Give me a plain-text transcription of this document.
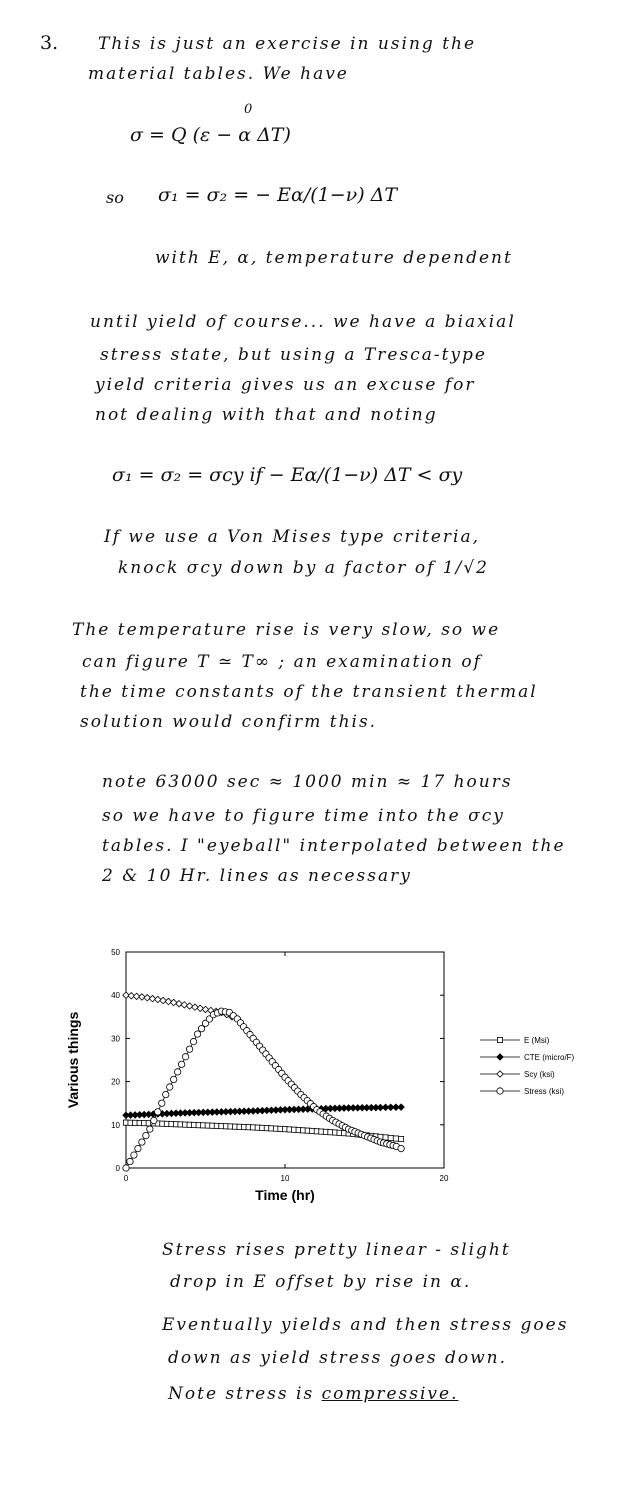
3. This is just an exercise in using the
material tables. We have
σ = Q (ε − α ΔT)
0
so σ₁ = σ₂ = − Eα/(1−ν) ΔT
with E, α, temperature dependent
until yield of course... we have a biaxial
stress state, but using a Tresca-type
yield criteria gives us an excuse for
not dealing with that and noting
σ₁ = σ₂ = σcy if − Eα/(1−ν) ΔT < σy
If we use a Von Mises type criteria,
knock σcy down by a factor of 1/√2
The temperature rise is very slow, so we
can figure T ≃ T∞ ; an examination of
the time constants of the transient thermal
solution would confirm this.
note 63000 sec ≈ 1000 min ≈ 17 hours
so we have to figure time into the σcy
tables. I "eyeball" interpolated between the
2 & 10 Hr. lines as necessary
0
10
20
30
40
50
0	10	20
Time (hr)
Various things	E (Msi)
CTE (micro/F)
Scy (ksi)
Stress (ksi)
Stress rises pretty linear - slight
drop in E offset by rise in α.
Eventually yields and then stress goes
down as yield stress goes down.
Note stress is compressive.
